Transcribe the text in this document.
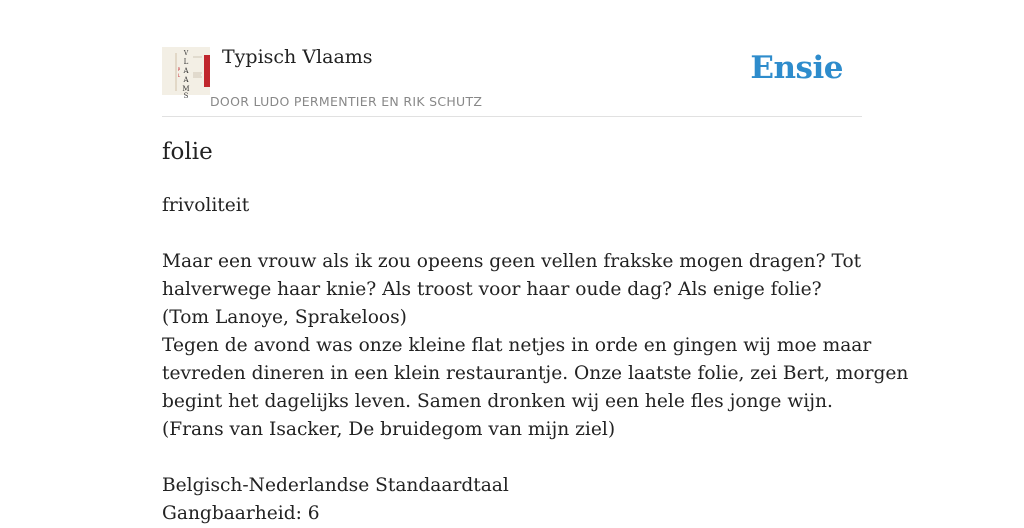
V
L
A
A
M
S
P
L
Typisch Vlaams
DOOR LUDO PERMENTIER EN RIK SCHUTZ
Ensie
folie
frivoliteit
Maar een vrouw als ik zou opeens geen vellen frakske mogen dragen? Tot
halverwege haar knie? Als troost voor haar oude dag? Als enige folie?
(Tom Lanoye, Sprakeloos)
Tegen de avond was onze kleine flat netjes in orde en gingen wij moe maar
tevreden dineren in een klein restaurantje. Onze laatste folie, zei Bert, morgen
begint het dagelijks leven. Samen dronken wij een hele fles jonge wijn.
(Frans van Isacker, De bruidegom van mijn ziel)
Belgisch-Nederlandse Standaardtaal
Gangbaarheid: 6
